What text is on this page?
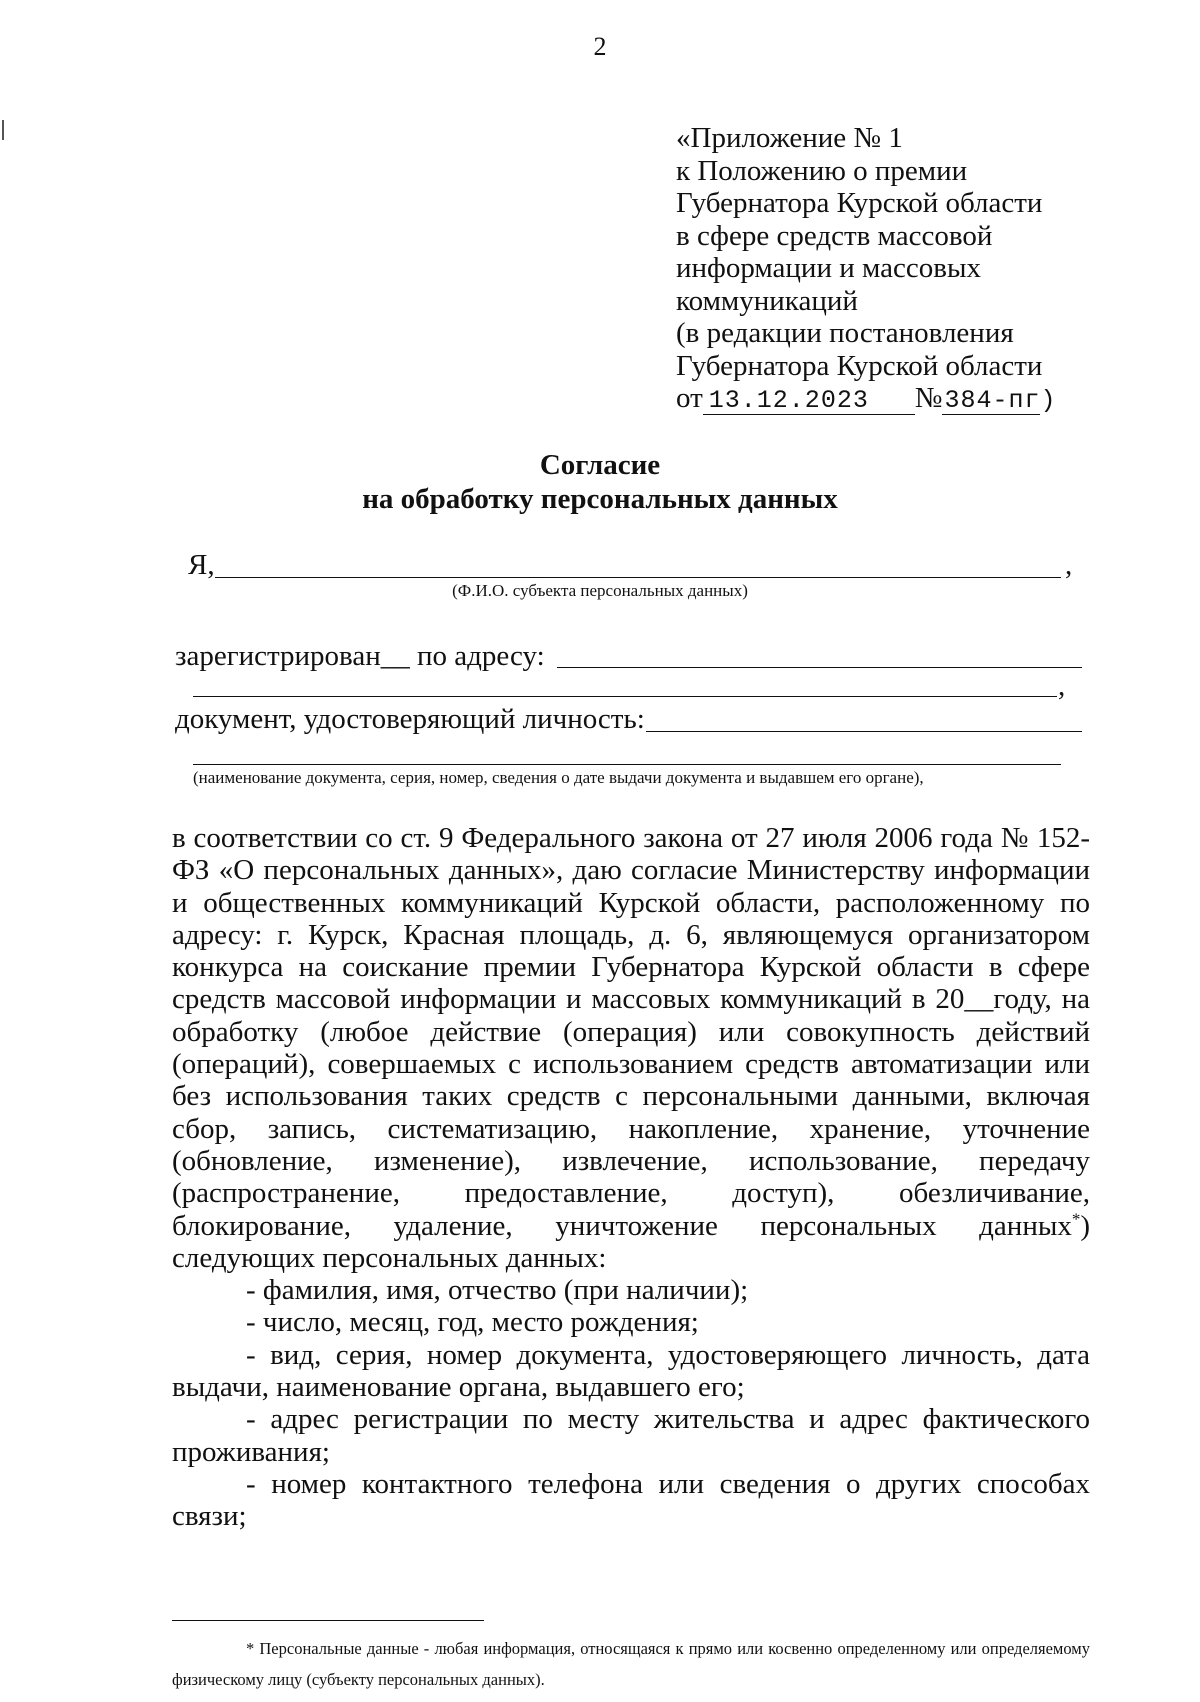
2
«Приложение № 1
к Положению о премии
Губернатора Курской области
в сфере средств массовой
информации и массовых
коммуникаций
(в редакции постановления
Губернатора Курской области
от 13.12.2023 №384-пг)
Согласие
на обработку персональных данных
Я,	,
(Ф.И.О. субъекта персональных данных)
зарегистрирован__ по адресу:
,
документ, удостоверяющий личность:
(наименование документа, серия, номер, сведения о дате выдачи документа и выдавшем его органе),

в соответствии со ст. 9 Федерального закона от 27 июля 2006 года № 152-ФЗ «О персональных данных», даю согласие Министерству информации и общественных коммуникаций Курской области, расположенному по адресу: г. Курск, Красная площадь, д. 6, являющемуся организатором конкурса на соискание премии Губернатора Курской области в сфере средств массовой информации и массовых коммуникаций в 20__году, на обработку (любое действие (операция) или совокупность действий (операций), совершаемых с использованием средств автоматизации или без использования таких средств с персональными данными, включая сбор, запись, систематизацию, накопление, хранение, уточнение (обновление, изменение), извлечение, использование, передачу (распространение, предоставление, доступ), обезличивание, блокирование, удаление, уничтожение персональных данных*) следующих персональных данных:

- фамилия, имя, отчество (при наличии);

- число, месяц, год, место рождения;

- вид, серия, номер документа, удостоверяющего личность, дата выдачи, наименование органа, выдавшего его;

- адрес регистрации по месту жительства и адрес фактического проживания;

- номер контактного телефона или сведения о других способах связи;

* Персональные данные - любая информация, относящаяся к прямо или косвенно определенному или определяемому физическому лицу (субъекту персональных данных).
